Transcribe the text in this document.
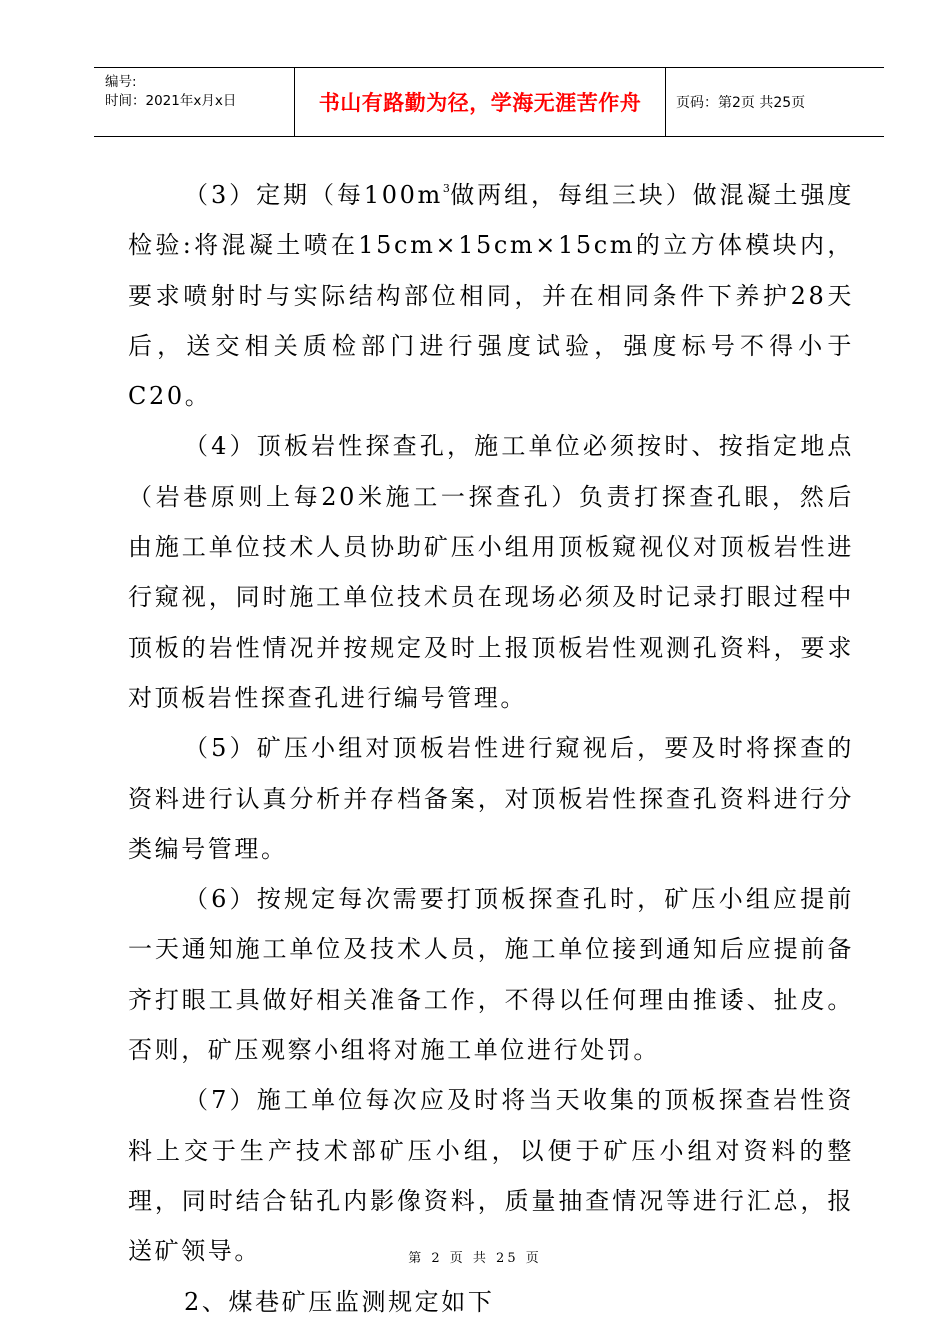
编号:
时间：2021年x月x日	书山有路勤为径，学海无涯苦作舟	页码：第2页 共25页

（3）定期（每$100m^3$做两组，每组三块）做混凝土强度检验:将混凝土喷在15cm×15cm×15cm的立方体模块内，要求喷射时与实际结构部位相同，并在相同条件下养护28天后，送交相关质检部门进行强度试验，强度标号不得小于C20。

（4）顶板岩性探查孔，施工单位必须按时、按指定地点（岩巷原则上每20米施工一探查孔）负责打探查孔眼，然后由施工单位技术人员协助矿压小组用顶板窥视仪对顶板岩性进行窥视，同时施工单位技术员在现场必须及时记录打眼过程中顶板的岩性情况并按规定及时上报顶板岩性观测孔资料，要求对顶板岩性探查孔进行编号管理。

（5）矿压小组对顶板岩性进行窥视后，要及时将探查的资料进行认真分析并存档备案，对顶板岩性探查孔资料进行分类编号管理。

（6）按规定每次需要打顶板探查孔时，矿压小组应提前一天通知施工单位及技术人员，施工单位接到通知后应提前备齐打眼工具做好相关准备工作，不得以任何理由推诿、扯皮。否则，矿压观察小组将对施工单位进行处罚。

（7）施工单位每次应及时将当天收集的顶板探查岩性资料上交于生产技术部矿压小组，以便于矿压小组对资料的整理，同时结合钻孔内影像资料，质量抽查情况等进行汇总，报送矿领导。

2、煤巷矿压监测规定如下

第 2 页 共 25 页
